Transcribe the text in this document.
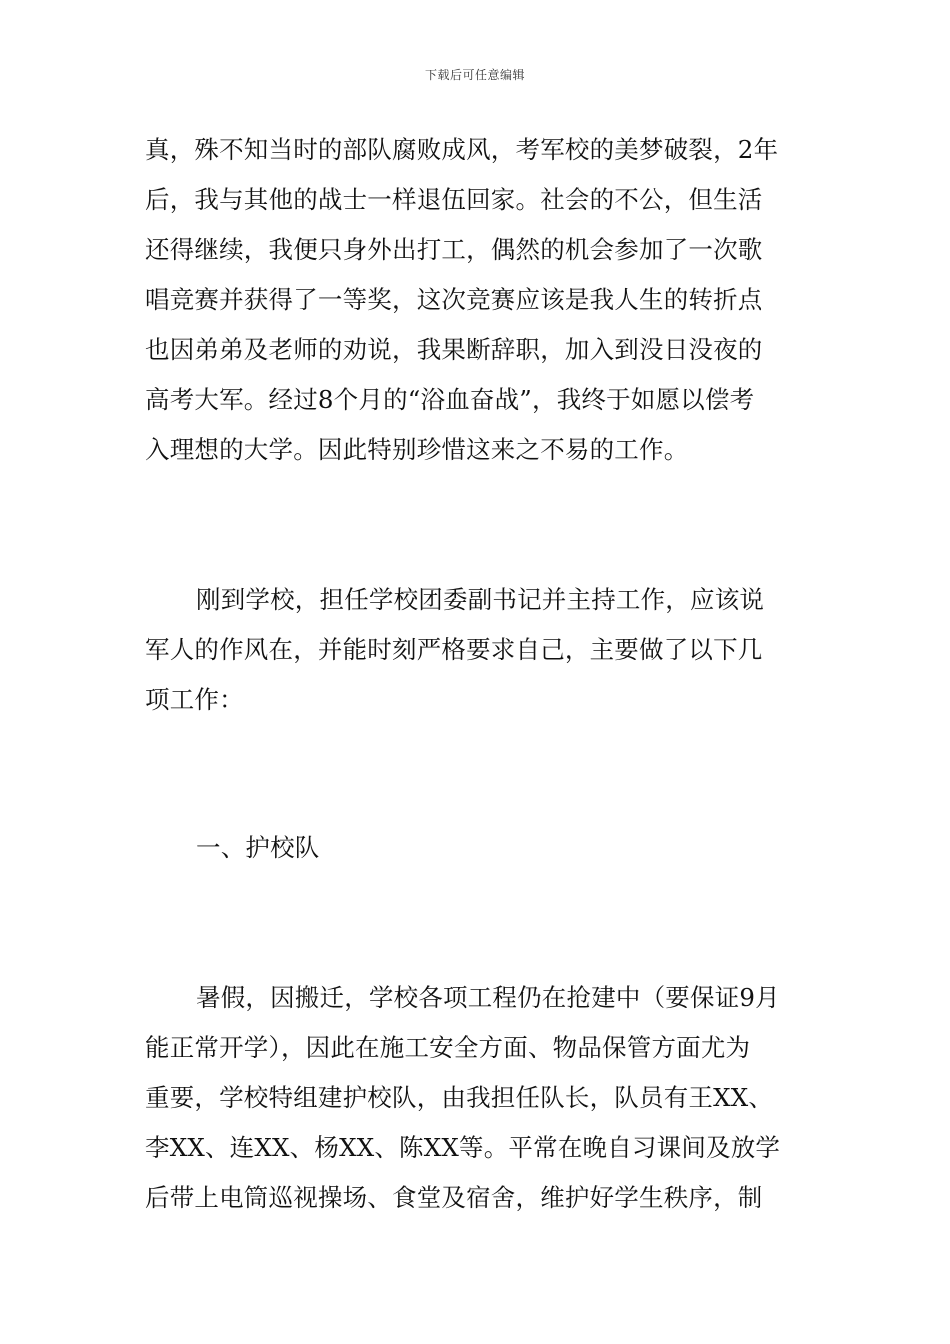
下载后可任意编辑
真，殊不知当时的部队腐败成风，考军校的美梦破裂，2年
后，我与其他的战士一样退伍回家。社会的不公，但生活
还得继续，我便只身外出打工，偶然的机会参加了一次歌
唱竞赛并获得了一等奖，这次竞赛应该是我人生的转折点
也因弟弟及老师的劝说，我果断辞职，加入到没日没夜的
高考大军。经过8个月的“浴血奋战”，我终于如愿以偿考
入理想的大学。因此特别珍惜这来之不易的工作。
刚到学校，担任学校团委副书记并主持工作，应该说
军人的作风在，并能时刻严格要求自己，主要做了以下几
项工作：
一、护校队
暑假，因搬迁，学校各项工程仍在抢建中（要保证9月
能正常开学），因此在施工安全方面、物品保管方面尤为
重要，学校特组建护校队，由我担任队长，队员有王XX、
李XX、连XX、杨XX、陈XX等。平常在晚自习课间及放学
后带上电筒巡视操场、食堂及宿舍，维护好学生秩序，制
